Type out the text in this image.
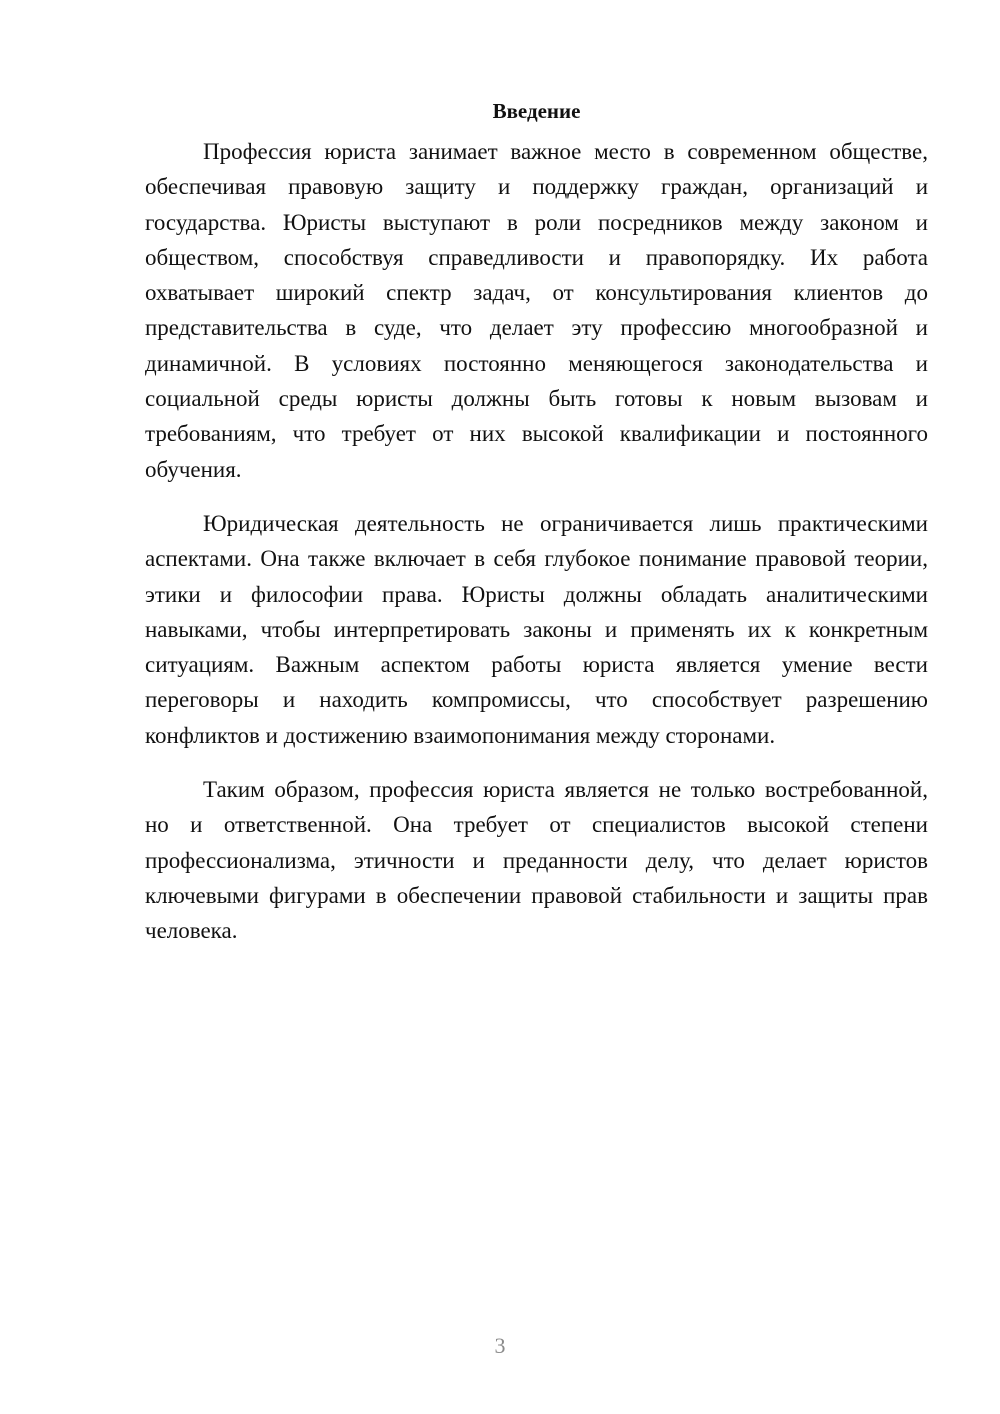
Введение

Профессия юриста занимает важное место в современном обществе, обеспечивая правовую защиту и поддержку граждан, организаций и государства. Юристы выступают в роли посредников между законом и обществом, способствуя справедливости и правопорядку. Их работа охватывает широкий спектр задач, от консультирования клиентов до представительства в суде, что делает эту профессию многообразной и динамичной. В условиях постоянно меняющегося законодательства и социальной среды юристы должны быть готовы к новым вызовам и требованиям, что требует от них высокой квалификации и постоянного обучения.

Юридическая деятельность не ограничивается лишь практическими аспектами. Она также включает в себя глубокое понимание правовой теории, этики и философии права. Юристы должны обладать аналитическими навыками, чтобы интерпретировать законы и применять их к конкретным ситуациям. Важным аспектом работы юриста является умение вести переговоры и находить компромиссы, что способствует разрешению конфликтов и достижению взаимопонимания между сторонами.

Таким образом, профессия юриста является не только востребованной, но и ответственной. Она требует от специалистов высокой степени профессионализма, этичности и преданности делу, что делает юристов ключевыми фигурами в обеспечении правовой стабильности и защиты прав человека.

3
